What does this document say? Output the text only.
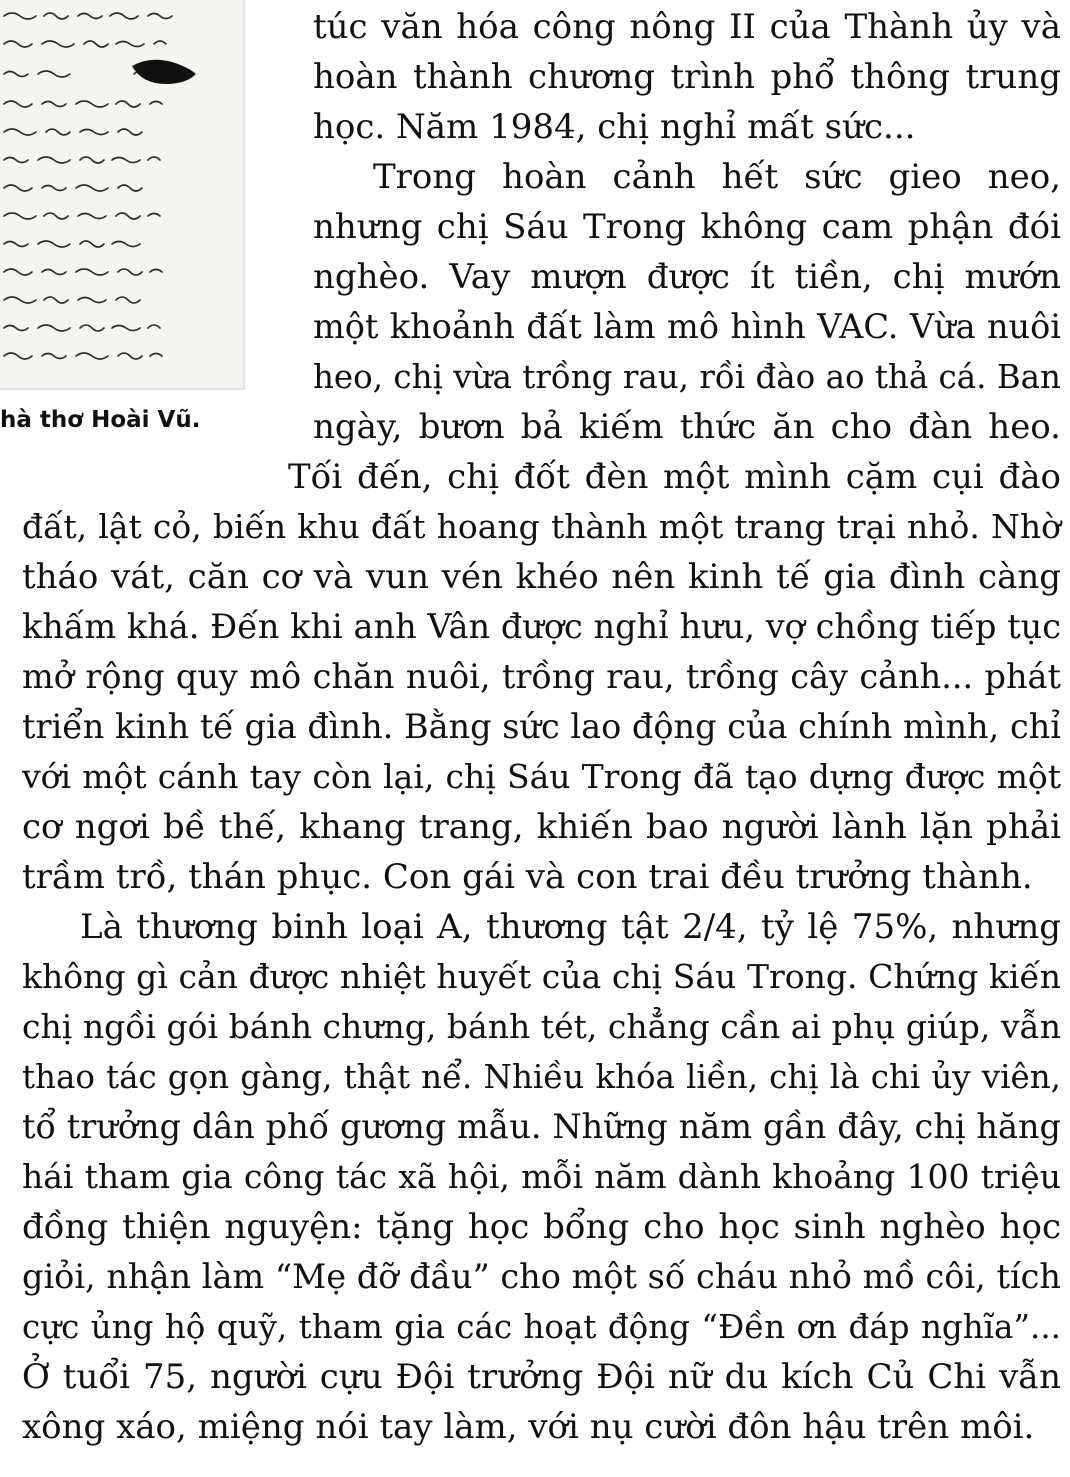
hà thơ Hoài Vũ.

túc văn hóa công nông II của Thành ủy và

hoàn thành chương trình phổ thông trung

học. Năm 1984, chị nghỉ mất sức...

Trong hoàn cảnh hết sức gieo neo,

nhưng chị Sáu Trong không cam phận đói

nghèo. Vay mượn được ít tiền, chị mướn

một khoảnh đất làm mô hình VAC. Vừa nuôi

heo, chị vừa trồng rau, rồi đào ao thả cá. Ban

ngày, bươn bả kiếm thức ăn cho đàn heo.

Tối đến, chị đốt đèn một mình cặm cụi đào

đất, lật cỏ, biến khu đất hoang thành một trang trại nhỏ. Nhờ

tháo vát, căn cơ và vun vén khéo nên kinh tế gia đình càng

khấm khá. Đến khi anh Vân được nghỉ hưu, vợ chồng tiếp tục

mở rộng quy mô chăn nuôi, trồng rau, trồng cây cảnh... phát

triển kinh tế gia đình. Bằng sức lao động của chính mình, chỉ

với một cánh tay còn lại, chị Sáu Trong đã tạo dựng được một

cơ ngơi bề thế, khang trang, khiến bao người lành lặn phải

trầm trồ, thán phục. Con gái và con trai đều trưởng thành.

Là thương binh loại A, thương tật 2/4, tỷ lệ 75%, nhưng

không gì cản được nhiệt huyết của chị Sáu Trong. Chứng kiến

chị ngồi gói bánh chưng, bánh tét, chẳng cần ai phụ giúp, vẫn

thao tác gọn gàng, thật nể. Nhiều khóa liền, chị là chi ủy viên,

tổ trưởng dân phố gương mẫu. Những năm gần đây, chị hăng

hái tham gia công tác xã hội, mỗi năm dành khoảng 100 triệu

đồng thiện nguyện: tặng học bổng cho học sinh nghèo học

giỏi, nhận làm “Mẹ đỡ đầu” cho một số cháu nhỏ mồ côi, tích

cực ủng hộ quỹ, tham gia các hoạt động “Đền ơn đáp nghĩa”...

Ở tuổi 75, người cựu Đội trưởng Đội nữ du kích Củ Chi vẫn

xông xáo, miệng nói tay làm, với nụ cười đôn hậu trên môi.
